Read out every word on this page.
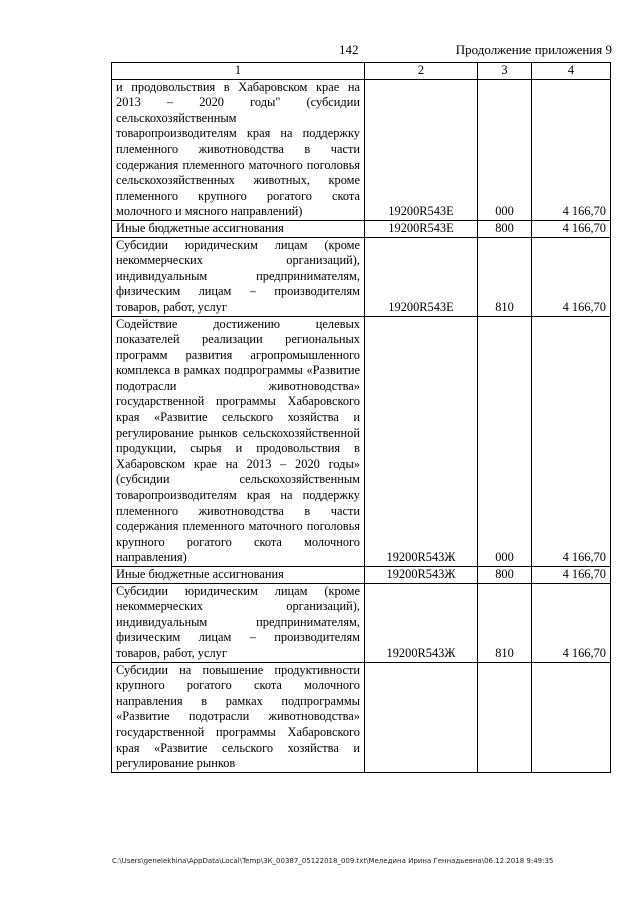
142	Продолжение приложения 9
1	2	3	4
и продовольствия в Хабаровском крае на 2013 – 2020 годы" (субсидии сельскохозяйственным товаропроизводителям края на поддержку племенного животноводства в части содержания племенного маточного поголовья сельскохозяйственных животных, кроме племенного крупного рогатого скота молочного и мясного направлений)	19200R543E	000	4 166,70
Иные бюджетные ассигнования	19200R543E	800	4 166,70
Субсидии юридическим лицам (кроме некоммерческих организаций), индивидуальным предпринимателям, физическим лицам – производителям товаров, работ, услуг	19200R543E	810	4 166,70
Содействие достижению целевых показателей реализации региональных программ развития агропромышленного комплекса в рамках подпрограммы «Развитие подотрасли животноводства» государственной программы Хабаровского края «Развитие сельского хозяйства и регулирование рынков сельскохозяйственной продукции, сырья и продовольствия в Хабаровском крае на 2013 – 2020 годы» (субсидии сельскохозяйственным товаропроизводителям края на поддержку племенного животноводства в части содержания племенного маточного поголовья крупного рогатого скота молочного направления)	19200R543Ж	000	4 166,70
Иные бюджетные ассигнования	19200R543Ж	800	4 166,70
Субсидии юридическим лицам (кроме некоммерческих организаций), индивидуальным предпринимателям, физическим лицам – производителям товаров, работ, услуг	19200R543Ж	810	4 166,70
Субсидии на повышение продуктивности крупного рогатого скота молочного направления в рамках подпрограммы «Развитие подотрасли животноводства» государственной программы Хабаровского края «Развитие сельского хозяйства и регулирование рынков			
C:\Users\genelekhina\AppData\Local\Temp\ЗК_00387_05122018_009.txt\Меледина Ирина Геннадьевна\06.12.2018 9:49:35
